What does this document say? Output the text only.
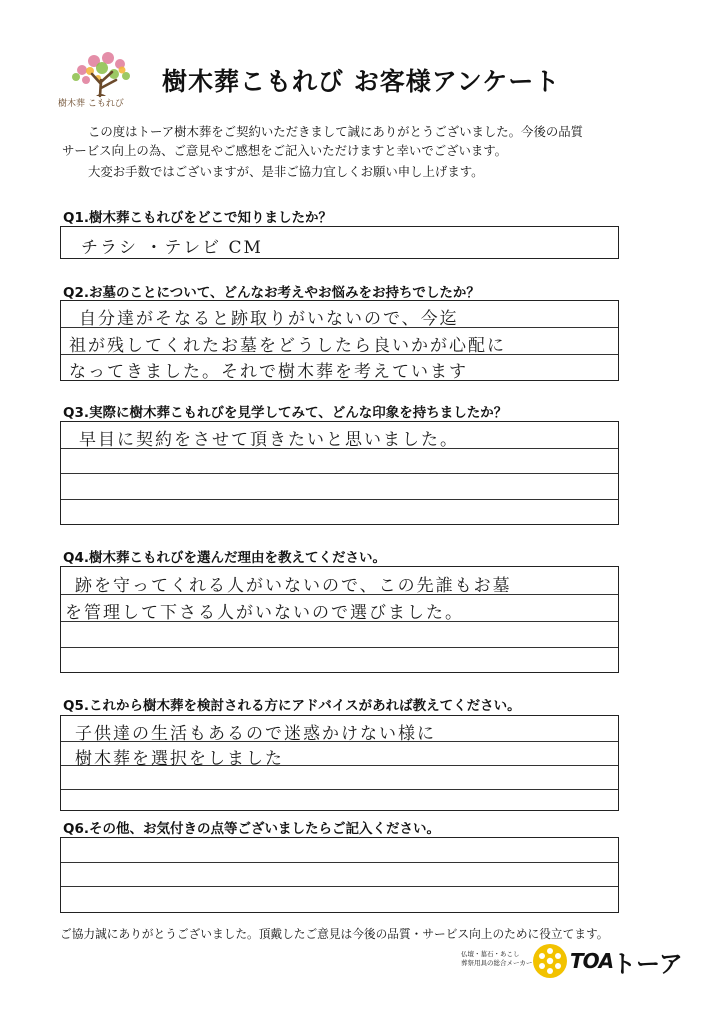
樹木葬 こもれび
樹木葬こもれび お客様アンケート
この度はトーア樹木葬をご契約いただきまして誠にありがとうございました。今後の品質
サービス向上の為、ご意見やご感想をご記入いただけますと幸いでございます。
大変お手数ではございますが、是非ご協力宜しくお願い申し上げます。
Q1.樹木葬こもれびをどこで知りましたか？
チラシ ・テレビ CM
Q2.お墓のことについて、どんなお考えやお悩みをお持ちでしたか？
自分達がそなると跡取りがいないので、今迄
祖が残してくれたお墓をどうしたら良いかが心配に
なってきました。それで樹木葬を考えています
Q3.実際に樹木葬こもれびを見学してみて、どんな印象を持ちましたか？
早目に契約をさせて頂きたいと思いました。
Q4.樹木葬こもれびを選んだ理由を教えてください。
跡を守ってくれる人がいないので、この先誰もお墓
を管理して下さる人がいないので選びました。
Q5.これから樹木葬を検討される方にアドバイスがあれば教えてください。
子供達の生活もあるので迷惑かけない様に
樹木葬を選択をしました
Q6.その他、お気付きの点等ございましたらご記入ください。
ご協力誠にありがとうございました。頂戴したご意見は今後の品質・サービス向上のために役立てます。
仏壇・墓石・あこし
葬祭用具の総合メーカー TOA
トーア
